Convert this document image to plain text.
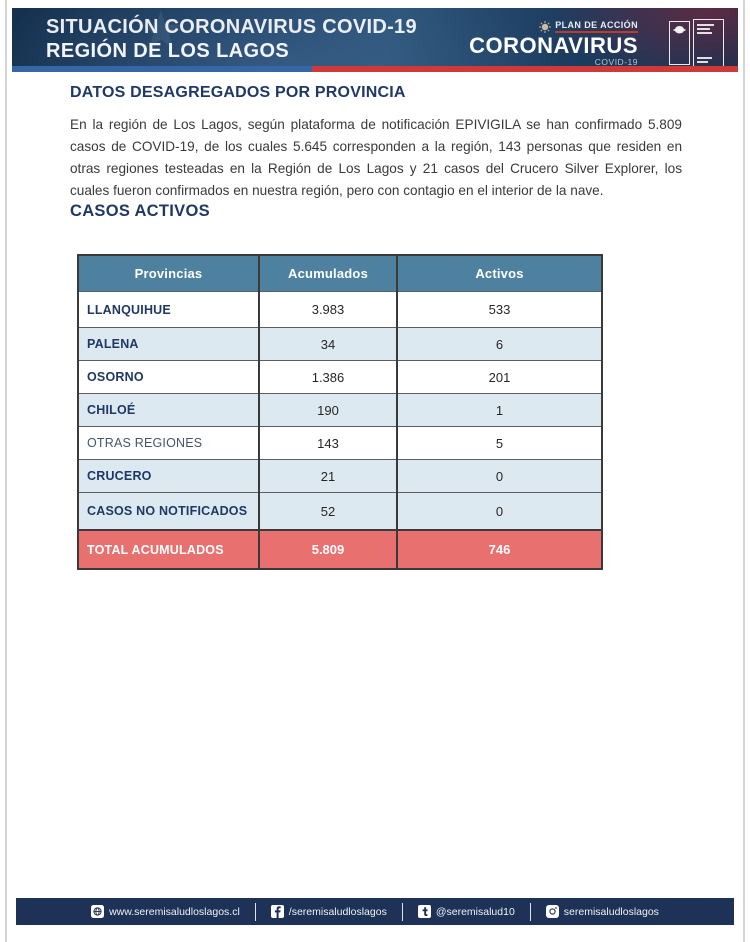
SITUACIÓN CORONAVIRUS COVID-19
REGIÓN DE LOS LAGOS
PLAN DE ACCIÓN
CORONAVIRUS
COVID-19
DATOS DESAGREGADOS POR PROVINCIA
En la región de Los Lagos, según plataforma de notificación EPIVIGILA se han confirmado 5.809 casos de COVID-19, de los cuales 5.645 corresponden a la región, 143 personas que residen en otras regiones testeadas en la Región de Los Lagos y 21 casos del Crucero Silver Explorer, los cuales fueron confirmados en nuestra región, pero con contagio en el interior de la nave.
CASOS ACTIVOS
Provincias	Acumulados	Activos
LLANQUIHUE	3.983	533
PALENA	34	6
OSORNO	1.386	201
CHILOÉ	190	1
OTRAS REGIONES	143	5
CRUCERO	21	0
CASOS NO NOTIFICADOS	52	0
TOTAL ACUMULADOS	5.809	746
www.seremisaludloslagos.cl	/seremisaludloslagos	@seremisalud10	seremisaludloslagos
